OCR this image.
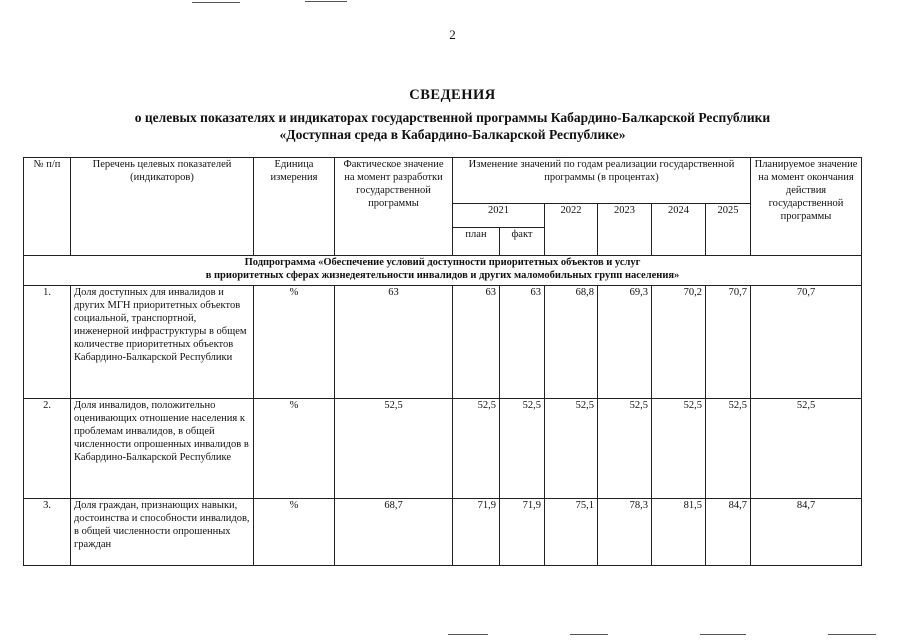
2
СВЕДЕНИЯ
о целевых показателях и индикаторах государственной программы Кабардино-Балкарской Республики
«Доступная среда в Кабардино-Балкарской Республике»
№ п/п	Перечень целевых показателей (индикаторов)	Единица измерения	Фактическое значение на момент разработки государственной программы	Изменение значений по годам реализации государственной программы (в процентах)						Планируемое значение на момент окончания действия государственной программы
				2021		2022	2023	2024	2025	
				план	факт					

Подпрограмма «Обеспечение условий доступности приоритетных объектов и услуг
в приоритетных сферах жизнедеятельности инвалидов и других маломобильных групп населения»										

1.	Доля доступных для инвалидов и других МГН приоритетных объектов социальной, транспортной, инженерной инфраструктуры в общем количестве приоритетных объектов Кабардино-Балкарской Республики	%	63	63	63	68,8	69,3	70,2	70,7	70,7
2.	Доля инвалидов, положительно оценивающих отношение населения к проблемам инвалидов, в общей численности опрошенных инвалидов в Кабардино-Балкарской Республике	%	52,5	52,5	52,5	52,5	52,5	52,5	52,5	52,5
3.	Доля граждан, признающих навыки, достоинства и способности инвалидов, в общей численности опрошенных граждан	%	68,7	71,9	71,9	75,1	78,3	81,5	84,7	84,7
